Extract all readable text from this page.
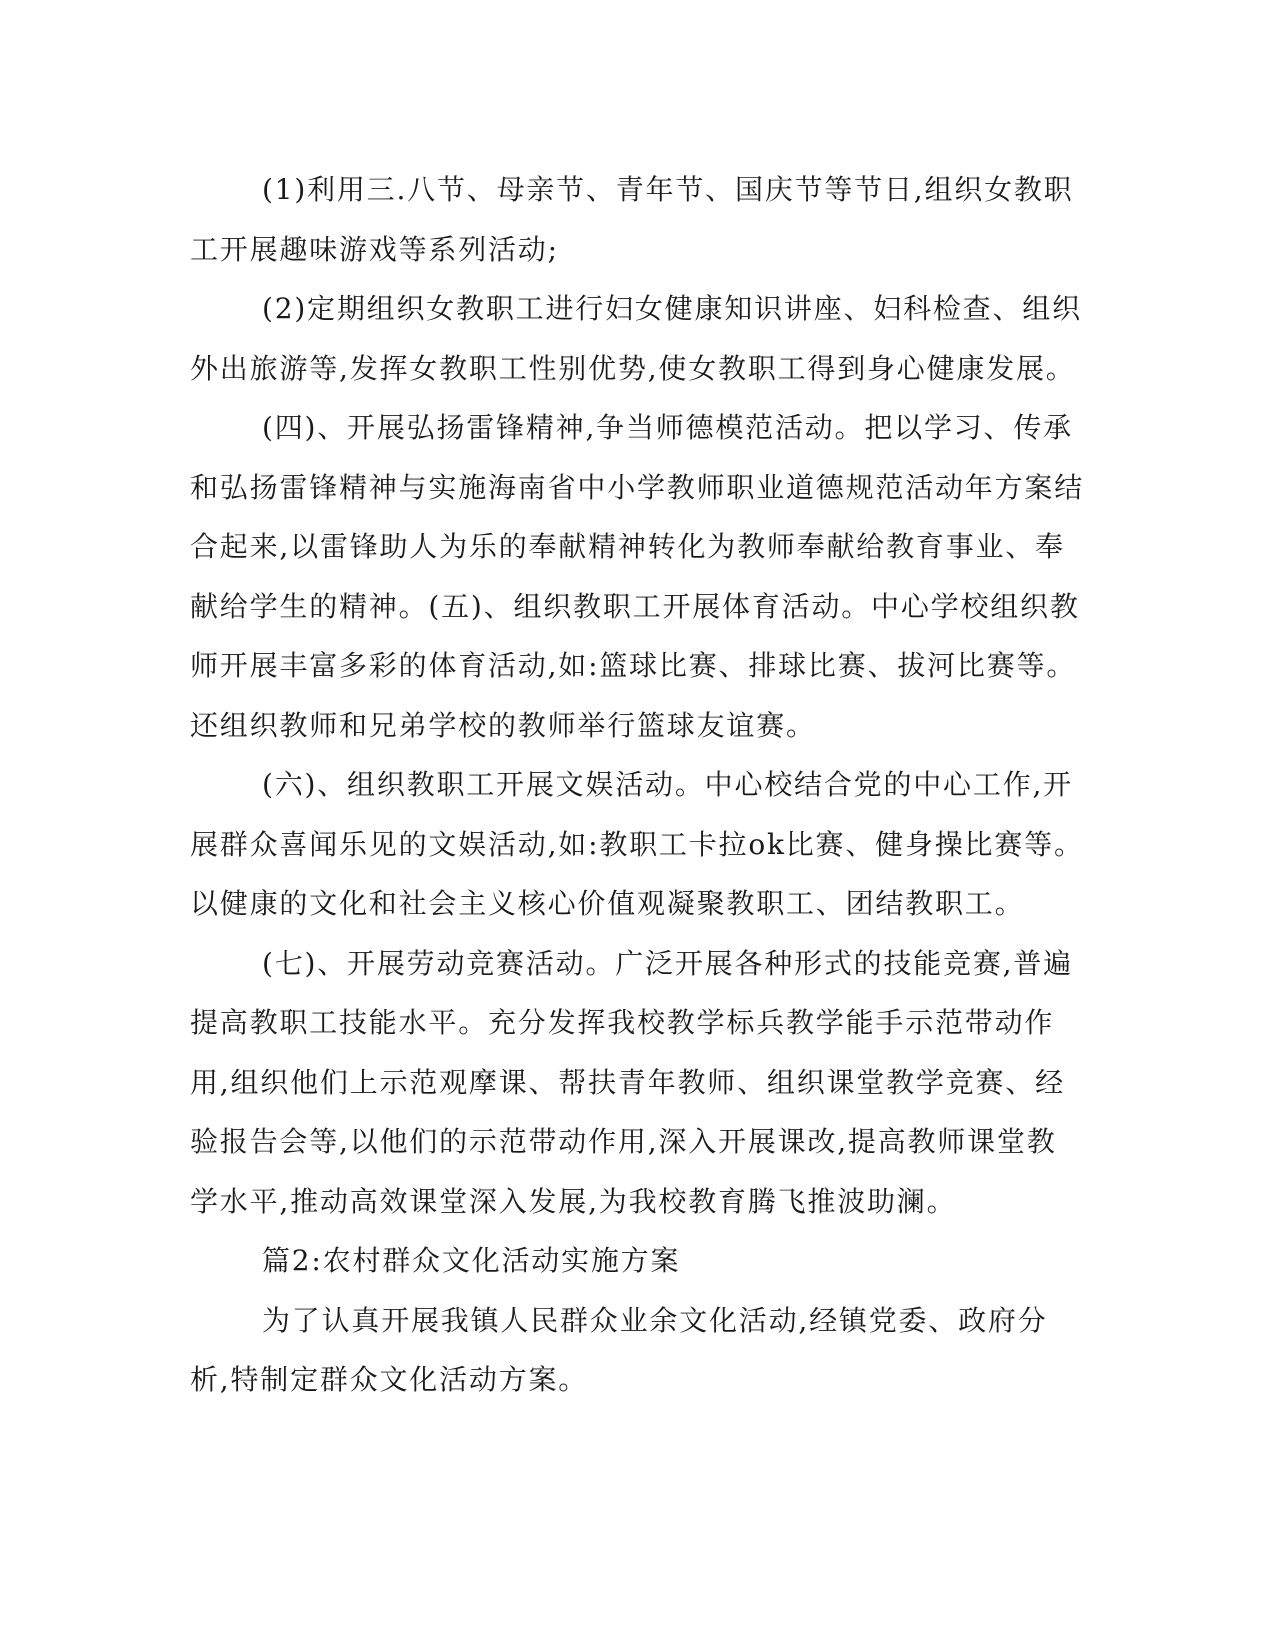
(1)利用三.八节、母亲节、青年节、国庆节等节日,组织女教职工开展趣味游戏等系列活动;

(2)定期组织女教职工进行妇女健康知识讲座、妇科检查、组织外出旅游等,发挥女教职工性别优势,使女教职工得到身心健康发展。

(四)、开展弘扬雷锋精神,争当师德模范活动。把以学习、传承和弘扬雷锋精神与实施海南省中小学教师职业道德规范活动年方案结合起来,以雷锋助人为乐的奉献精神转化为教师奉献给教育事业、奉献给学生的精神。(五)、组织教职工开展体育活动。中心学校组织教师开展丰富多彩的体育活动,如:篮球比赛、排球比赛、拔河比赛等。还组织教师和兄弟学校的教师举行篮球友谊赛。

(六)、组织教职工开展文娱活动。中心校结合党的中心工作,开展群众喜闻乐见的文娱活动,如:教职工卡拉ok比赛、健身操比赛等。以健康的文化和社会主义核心价值观凝聚教职工、团结教职工。

(七)、开展劳动竞赛活动。广泛开展各种形式的技能竞赛,普遍提高教职工技能水平。充分发挥我校教学标兵教学能手示范带动作用,组织他们上示范观摩课、帮扶青年教师、组织课堂教学竞赛、经验报告会等,以他们的示范带动作用,深入开展课改,提高教师课堂教学水平,推动高效课堂深入发展,为我校教育腾飞推波助澜。

篇2:农村群众文化活动实施方案

为了认真开展我镇人民群众业余文化活动,经镇党委、政府分析,特制定群众文化活动方案。
